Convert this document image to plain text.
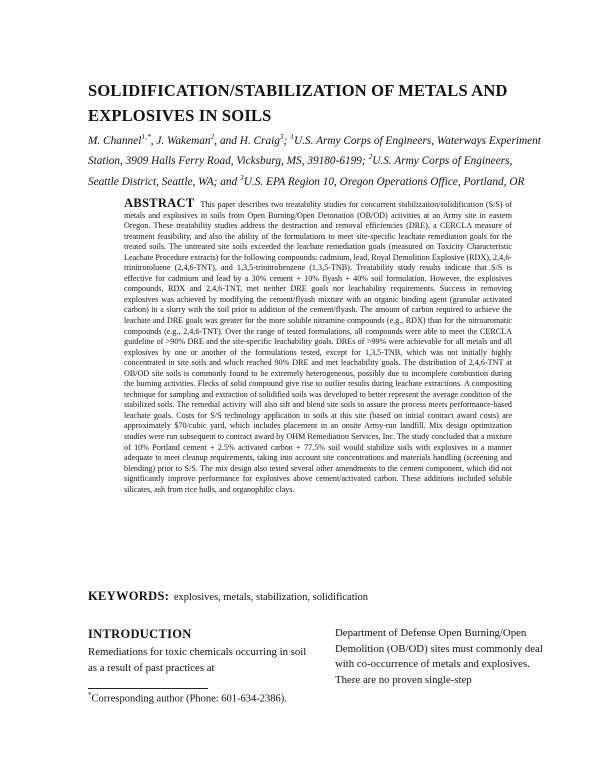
SOLIDIFICATION/STABILIZATION OF METALS AND
EXPLOSIVES IN SOILS
M. Channel$^{1,*}$, J. Wakeman$^2$, and H. Craig$^3$; $^1$U.S. Army Corps of Engineers, Waterways Experiment Station, 3909 Halls Ferry Road, Vicksburg, MS, 39180-6199; $^2$U.S. Army Corps of Engineers, Seattle District, Seattle, WA; and $^3$U.S. EPA Region 10, Oregon Operations Office, Portland, OR
ABSTRACT This paper describes two treatability studies for concurrent stabilization/solidification (S/S) of metals and explosives in soils from Open Burning/Open Detonation (OB/OD) activities at an Army site in eastern Oregon. These treatability studies address the destruction and removal efficiencies (DRE), a CERCLA measure of treatment feasibility, and also the ability of the formulations to meet site-specific leachate remediation goals for the treated soils. The untreated site soils exceeded the leachate remediation goals (measured on Toxicity Characteristic Leachate Procedure extracts) for the following compounds: cadmium, lead, Royal Demolition Explosive (RDX), 2,4,6-trinitrotoluene (2,4,6-TNT), and 1,3,5-trinitrobenzene (1,3,5-TNB). Treatability study results indicate that S/S is effective for cadmium and lead by a 30% cement + 10% flyash + 40% soil formulation. However, the explosives compounds, RDX and 2,4,6-TNT, met neither DRE goals nor leachability requirements. Success in removing explosives was achieved by modifying the cement/flyash mixture with an organic binding agent (granular activated carbon) in a slurry with the soil prior to addition of the cement/flyash. The amount of carbon required to achieve the leachate and DRE goals was greater for the more soluble nitramine compounds (e.g., RDX) than for the nitroaromatic compounds (e.g., 2,4,6-TNT). Over the range of tested formulations, all compounds were able to meet the CERCLA guideline of >90% DRE and the site-specific leachability goals. DREs of >99% were achievable for all metals and all explosives by one or another of the formulations tested, except for 1,3,5-TNB, which was not initially highly concentrated in site soils and which reached 90% DRE and met leachability goals. The distribution of 2,4,6-TNT at OB/OD site soils is commonly found to be extremely heterogeneous, possibly due to incomplete combustion during the burning activities. Flecks of solid compound give rise to outlier results during leachate extractions. A compositing technique for sampling and extraction of solidified soils was developed to better represent the average condition of the stabilized soils. The remedial activity will also sift and blend site soils to assure the process meets performance-based leachate goals. Costs for S/S technology application to soils at this site (based on initial contract award costs) are approximately $70/cubic yard, which includes placement in an onsite Army-run landfill. Mix design optimization studies were run subsequent to contract award by OHM Remediation Services, Inc. The study concluded that a mixture of 10% Portland cement + 2.5% activated carbon + 77.5% soil would stabilize soils with explosives in a manner adequate to meet cleanup requirements, taking into account site concentrations and materials handling (screening and blending) prior to S/S. The mix design also tested several other amendments to the cement component, which did not significantly improve performance for explosives above cement/activated carbon. These additions included soluble silicates, ash from rice hulls, and organophilic clays.
KEYWORDS: explosives, metals, stabilization, solidification
INTRODUCTION
Remediations for toxic chemicals occurring in soil as a result of past practices at
Department of Defense Open Burning/Open Demolition (OB/OD) sites must commonly deal with co-occurrence of metals and explosives. There are no proven single-step
*Corresponding author (Phone: 601-634-2386).
